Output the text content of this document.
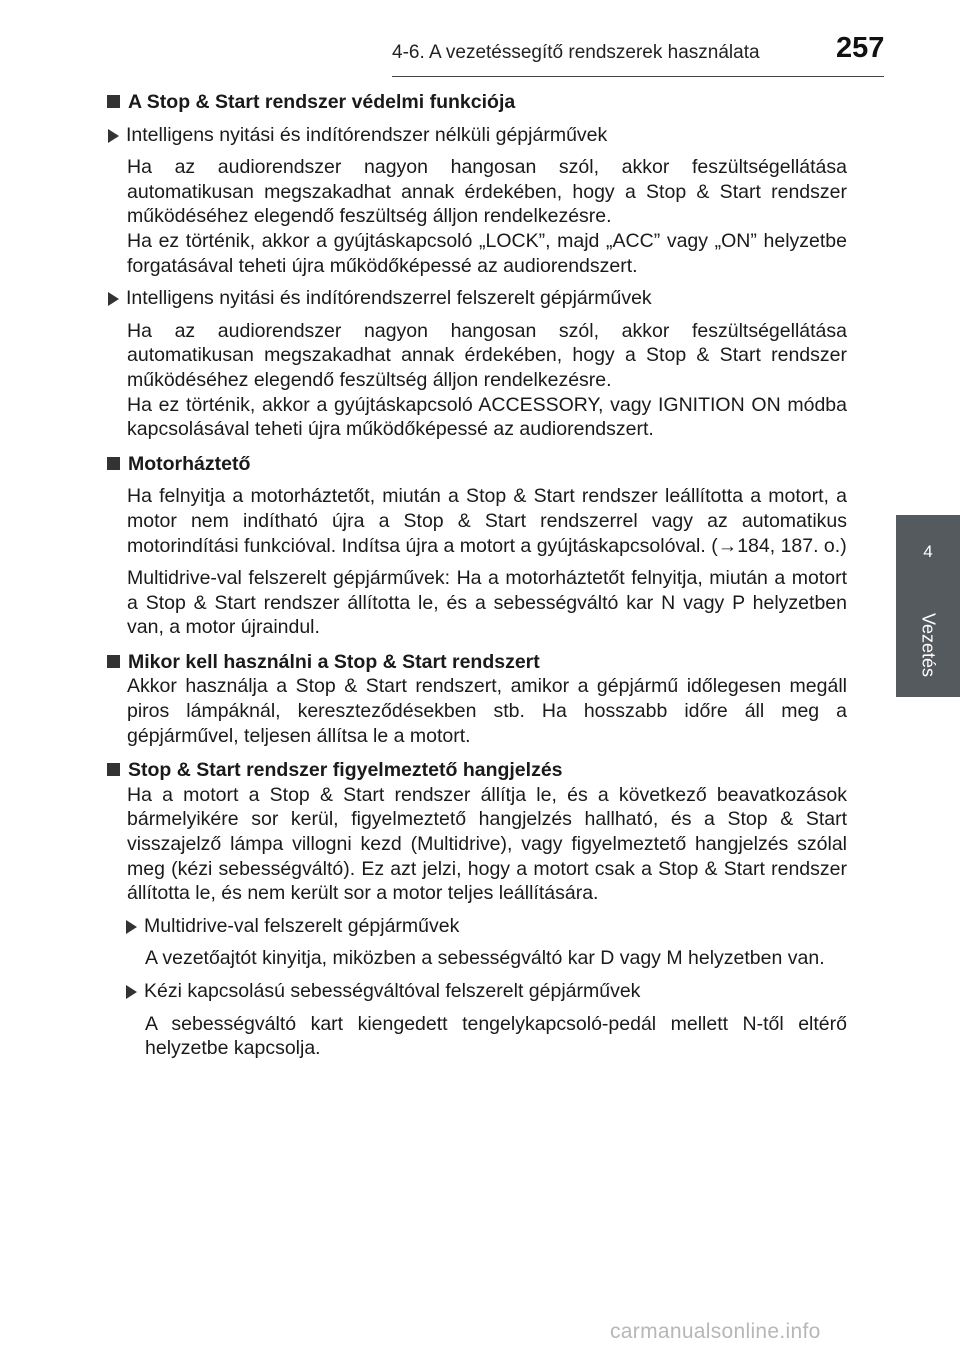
4-6. A vezetéssegítő rendszerek használata	257
4
Vezetés
A Stop & Start rendszer védelmi funkciója
Intelligens nyitási és indítórendszer nélküli gépjárművek
Ha az audiorendszer nagyon hangosan szól, akkor feszültségellátása automatikusan megszakadhat annak érdekében, hogy a Stop & Start rendszer működéséhez elegendő feszültség álljon rendelkezésre.
Ha ez történik, akkor a gyújtáskapcsoló „LOCK”, majd „ACC” vagy „ON” helyzetbe forgatásával teheti újra működőképessé az audiorendszert.
Intelligens nyitási és indítórendszerrel felszerelt gépjárművek
Ha az audiorendszer nagyon hangosan szól, akkor feszültségellátása automatikusan megszakadhat annak érdekében, hogy a Stop & Start rendszer működéséhez elegendő feszültség álljon rendelkezésre.
Ha ez történik, akkor a gyújtáskapcsoló ACCESSORY, vagy IGNITION ON módba kapcsolásával teheti újra működőképessé az audiorendszert.
Motorháztető
Ha felnyitja a motorháztetőt, miután a Stop & Start rendszer leállította a motort, a motor nem indítható újra a Stop & Start rendszerrel vagy az automatikus motorindítási funkcióval. Indítsa újra a motort a gyújtáskapcsolóval. (→184, 187. o.)
Multidrive-val felszerelt gépjárművek: Ha a motorháztetőt felnyitja, miután a motort a Stop & Start rendszer állította le, és a sebességváltó kar N vagy P helyzetben van, a motor újraindul.
Mikor kell használni a Stop & Start rendszert
Akkor használja a Stop & Start rendszert, amikor a gépjármű időlegesen megáll piros lámpáknál, kereszteződésekben stb. Ha hosszabb időre áll meg a gépjárművel, teljesen állítsa le a motort.
Stop & Start rendszer figyelmeztető hangjelzés
Ha a motort a Stop & Start rendszer állítja le, és a következő beavatkozások bármelyikére sor kerül, figyelmeztető hangjelzés hallható, és a Stop & Start visszajelző lámpa villogni kezd (Multidrive), vagy figyelmeztető hangjelzés szólal meg (kézi sebességváltó). Ez azt jelzi, hogy a motort csak a Stop & Start rendszer állította le, és nem került sor a motor teljes leállítására.
Multidrive-val felszerelt gépjárművek
A vezetőajtót kinyitja, miközben a sebességváltó kar D vagy M helyzetben van.
Kézi kapcsolású sebességváltóval felszerelt gépjárművek
A sebességváltó kart kiengedett tengelykapcsoló-pedál mellett N-től eltérő helyzetbe kapcsolja.
carmanualsonline.info
